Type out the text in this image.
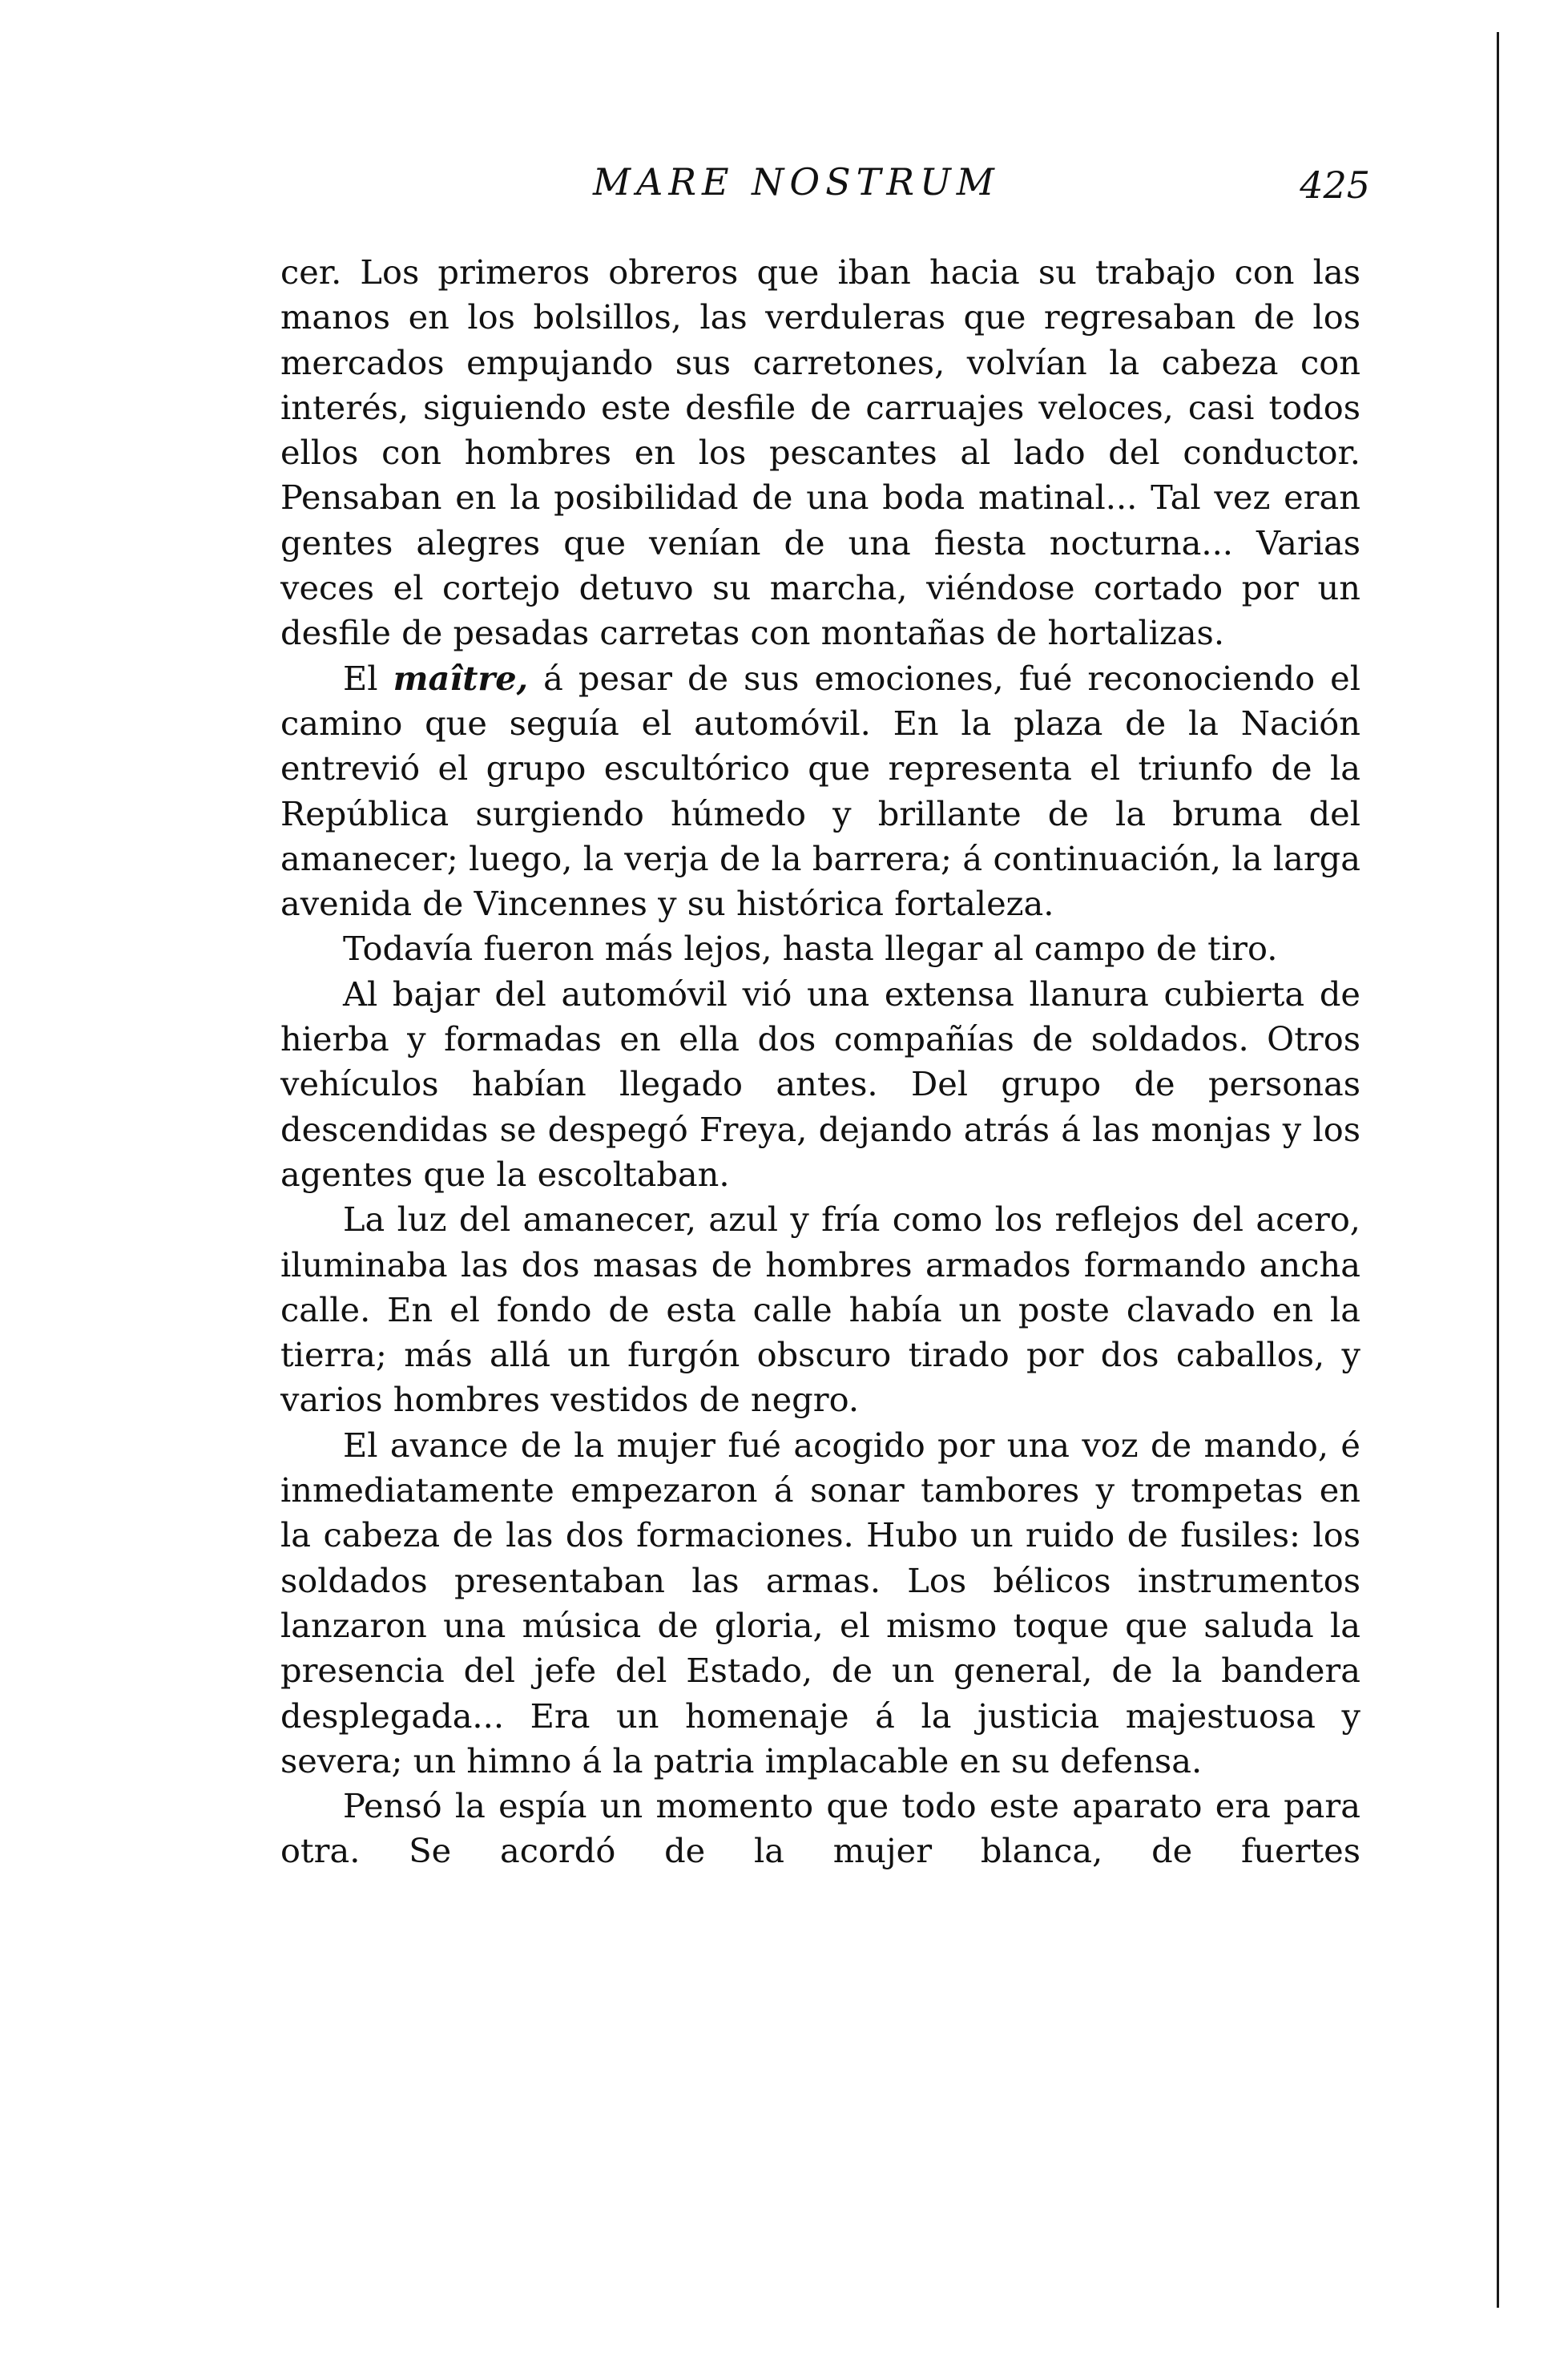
MARE NOSTRUM	425

cer. Los primeros obreros que iban hacia su trabajo con las manos en los bolsillos, las verduleras que regresaban de los mercados empujando sus carretones, volvían la cabeza con interés, siguiendo este desfile de carruajes veloces, casi todos ellos con hombres en los pescantes al lado del conductor. Pensaban en la posibilidad de una boda matinal... Tal vez eran gentes alegres que venían de una fiesta nocturna... Varias veces el cortejo detuvo su marcha, viéndose cortado por un desfile de pesadas carretas con montañas de hortalizas.

El maître, á pesar de sus emociones, fué reconociendo el camino que seguía el automóvil. En la plaza de la Nación entrevió el grupo escultórico que representa el triunfo de la República surgiendo húmedo y brillante de la bruma del amanecer; luego, la verja de la barrera; á continuación, la larga avenida de Vincennes y su histórica fortaleza.

Todavía fueron más lejos, hasta llegar al campo de tiro.

Al bajar del automóvil vió una extensa llanura cubierta de hierba y formadas en ella dos compañías de soldados. Otros vehículos habían llegado antes. Del grupo de personas descendidas se despegó Freya, dejando atrás á las monjas y los agentes que la escoltaban.

La luz del amanecer, azul y fría como los reflejos del acero, iluminaba las dos masas de hombres armados formando ancha calle. En el fondo de esta calle había un poste clavado en la tierra; más allá un furgón obscuro tirado por dos caballos, y varios hombres vestidos de negro.

El avance de la mujer fué acogido por una voz de mando, é inmediatamente empezaron á sonar tambores y trompetas en la cabeza de las dos formaciones. Hubo un ruido de fusiles: los soldados presentaban las armas. Los bélicos instrumentos lanzaron una música de gloria, el mismo toque que saluda la presencia del jefe del Estado, de un general, de la bandera desplegada... Era un homenaje á la justicia majestuosa y severa; un himno á la patria implacable en su defensa.

Pensó la espía un momento que todo este aparato era para otra. Se acordó de la mujer blanca, de fuertes
